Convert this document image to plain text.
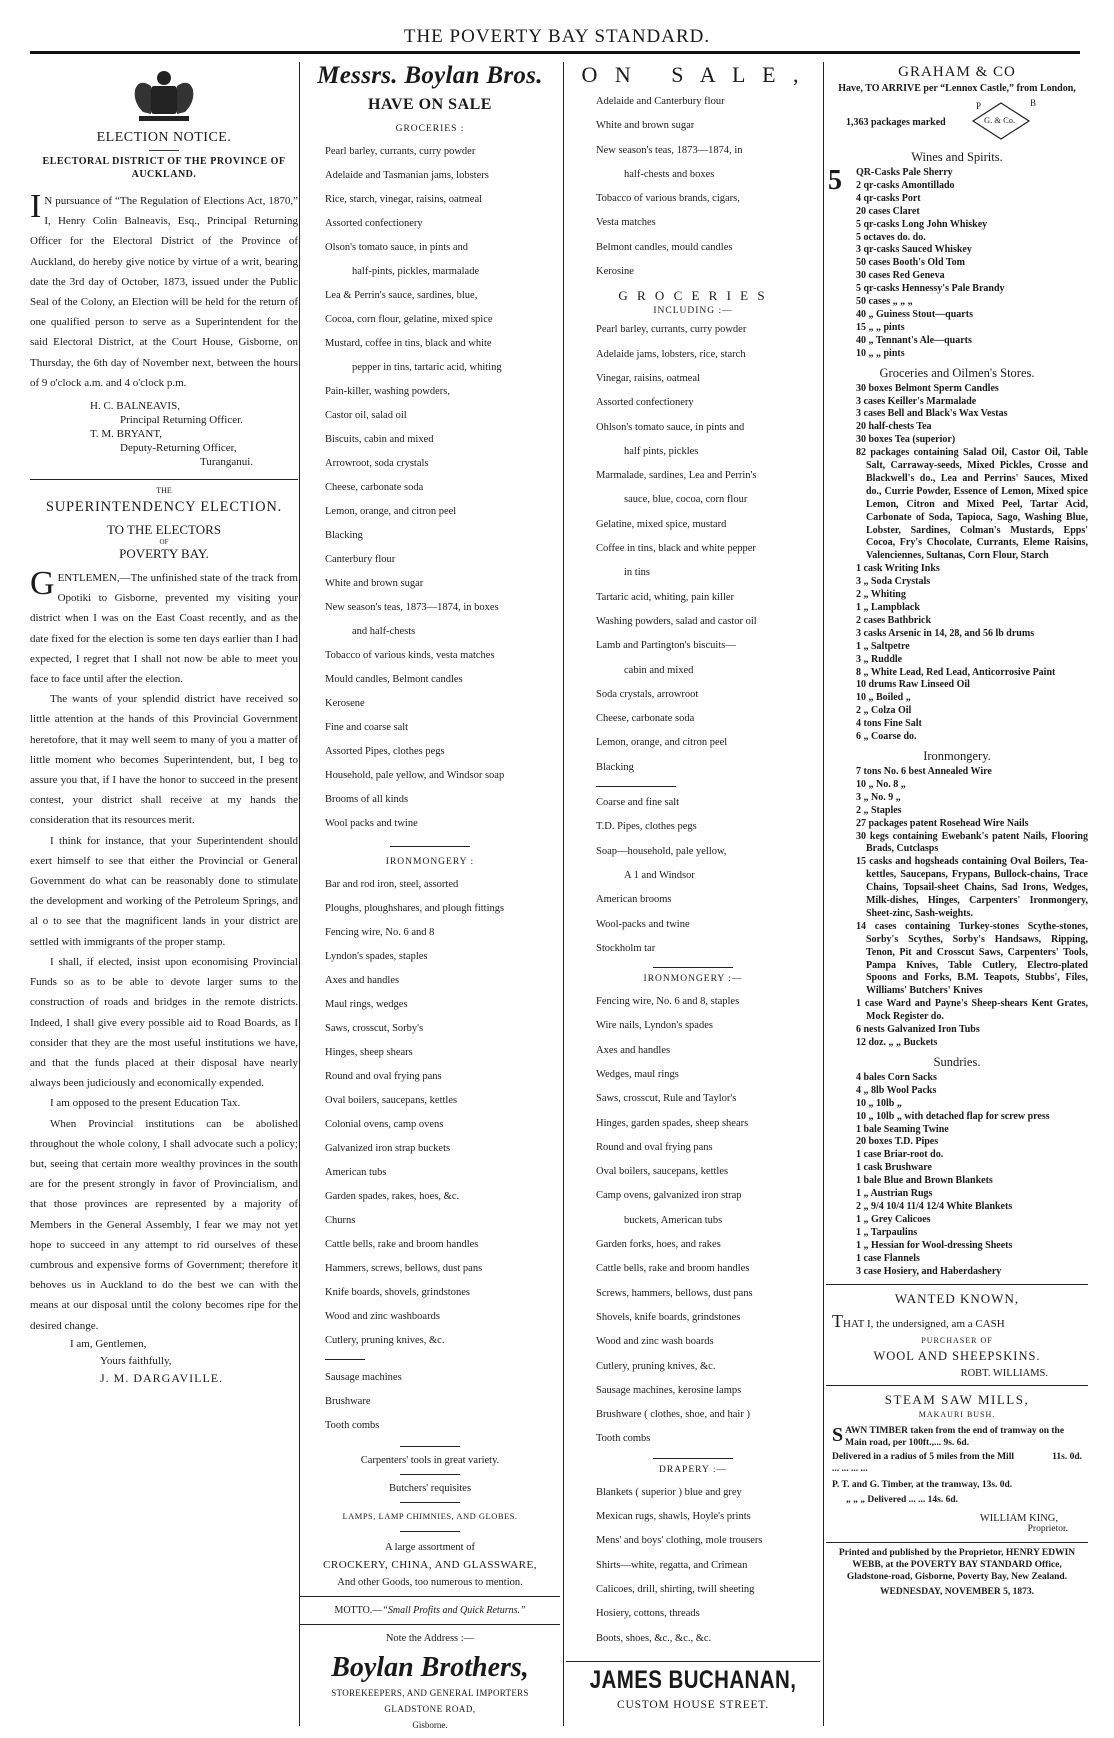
THE POVERTY BAY STANDARD.
ELECTION NOTICE.
ELECTORAL DISTRICT OF THE PROVINCE OF AUCKLAND.
I N pursuance of “The Regulation of Elections Act, 1870,” I, Henry Colin Balneavis, Esq., Principal Returning Officer for the Electoral District of the Province of Auckland, do hereby give notice by virtue of a writ, bearing date the 3rd day of October, 1873, issued under the Public Seal of the Colony, an Election will be held for the return of one qualified person to serve as a Superintendent for the said Electoral District, at the Court House, Gisborne, on Thursday, the 6th day of November next, between the hours of 9 o'clock a.m. and 4 o'clock p.m.
H. C. BALNEAVIS,
Principal Returning Officer.
T. M. BRYANT,
Deputy-Returning Officer,
Turanganui.
THE
SUPERINTENDENCY ELECTION.
TO THE ELECTORS
OF
POVERTY BAY.
GENTLEMEN,—The unfinished state of the track from Opotiki to Gisborne, prevented my visiting your district when I was on the East Coast recently, and as the date fixed for the election is some ten days earlier than I had expected, I regret that I shall not now be able to meet you face to face until after the election.
The wants of your splendid district have received so little attention at the hands of this Provincial Government heretofore, that it may well seem to many of you a matter of little moment who becomes Superintendent, but, I beg to assure you that, if I have the honor to succeed in the present contest, your district shall receive at my hands the consideration that its resources merit.
I think for instance, that your Superintendent should exert himself to see that either the Provincial or General Government do what can be reasonably done to stimulate the development and working of the Petroleum Springs, and al o to see that the magnificent lands in your district are settled with immigrants of the proper stamp.
I shall, if elected, insist upon economising Provincial Funds so as to be able to devote larger sums to the construction of roads and bridges in the remote districts. Indeed, I shall give every possible aid to Road Boards, as I consider that they are the most useful institutions we have, and that the funds placed at their disposal have nearly always been judiciously and economically expended.
I am opposed to the present Education Tax.
When Provincial institutions can be abolished throughout the whole colony, I shall advocate such a policy; but, seeing that certain more wealthy provinces in the south are for the present strongly in favor of Provincialism, and that those provinces are represented by a majority of Members in the General Assembly, I fear we may not yet hope to succeed in any attempt to rid ourselves of these cumbrous and expensive forms of Government; therefore it behoves us in Auckland to do the best we can with the means at our disposal until the colony becomes ripe for the desired change.
I am, Gentlemen,
Yours faithfully,
J. M. DARGAVILLE.
Messrs. Boylan Bros.
HAVE ON SALE
GROCERIES :
Pearl barley, currants, curry powder
Adelaide and Tasmanian jams, lobsters
Rice, starch, vinegar, raisins, oatmeal
Assorted confectionery
Olson's tomato sauce, in pints and
half-pints, pickles, marmalade
Lea & Perrin's sauce, sardines, blue,
Cocoa, corn flour, gelatine, mixed spice
Mustard, coffee in tins, black and white
pepper in tins, tartaric acid, whiting
Pain-killer, washing powders,
Castor oil, salad oil
Biscuits, cabin and mixed
Arrowroot, soda crystals
Cheese, carbonate soda
Lemon, orange, and citron peel
Blacking
Canterbury flour
White and brown sugar
New season's teas, 1873—1874, in boxes
and half-chests
Tobacco of various kinds, vesta matches
Mould candles, Belmont candles
Kerosene
Fine and coarse salt
Assorted Pipes, clothes pegs
Household, pale yellow, and Windsor soap
Brooms of all kinds
Wool packs and twine
IRONMONGERY :
Bar and rod iron, steel, assorted
Ploughs, ploughshares, and plough fittings
Fencing wire, No. 6 and 8
Lyndon's spades, staples
Axes and handles
Maul rings, wedges
Saws, crosscut, Sorby's
Hinges, sheep shears
Round and oval frying pans
Oval boilers, saucepans, kettles
Colonial ovens, camp ovens
Galvanized iron strap buckets
American tubs
Garden spades, rakes, hoes, &c.
Churns
Cattle bells, rake and broom handles
Hammers, screws, bellows, dust pans
Knife boards, shovels, grindstones
Wood and zinc washboards
Cutlery, pruning knives, &c.
Sausage machines
Brushware
Tooth combs
Carpenters' tools in great variety.
Butchers' requisites
LAMPS, LAMP CHIMNIES, AND GLOBES.
A large assortment of
CROCKERY, CHINA, AND GLASSWARE,
And other Goods, too numerous to mention.
MOTTO.—“Small Profits and Quick Returns.”
Note the Address :—
Boylan Brothers,
STOREKEEPERS, AND GENERAL IMPORTERS
GLADSTONE ROAD,
Gisborne.
O N   S A L E ,
Adelaide and Canterbury flour
White and brown sugar
New season's teas, 1873—1874, in
half-chests and boxes
Tobacco of various brands, cigars,
Vesta matches
Belmont candles, mould candles
Kerosine
G R O C E R I E S
INCLUDING :—
Pearl barley, currants, curry powder
Adelaide jams, lobsters, rice, starch
Vinegar, raisins, oatmeal
Assorted confectionery
Ohlson's tomato sauce, in pints and
half pints, pickles
Marmalade, sardines, Lea and Perrin's
sauce, blue, cocoa, corn flour
Gelatine, mixed spice, mustard
Coffee in tins, black and white pepper
in tins
Tartaric acid, whiting, pain killer
Washing powders, salad and castor oil
Lamb and Partington's biscuits—
cabin and mixed
Soda crystals, arrowroot
Cheese, carbonate soda
Lemon, orange, and citron peel
Blacking
Coarse and fine salt
T.D. Pipes, clothes pegs
Soap—household, pale yellow,
A 1 and Windsor
American brooms
Wool-packs and twine
Stockholm tar
IRONMONGERY :—
Fencing wire, No. 6 and 8, staples
Wire nails, Lyndon's spades
Axes and handles
Wedges, maul rings
Saws, crosscut, Rule and Taylor's
Hinges, garden spades, sheep shears
Round and oval frying pans
Oval boilers, saucepans, kettles
Camp ovens, galvanized iron strap
buckets, American tubs
Garden forks, hoes, and rakes
Cattle bells, rake and broom handles
Screws, hammers, bellows, dust pans
Shovels, knife boards, grindstones
Wood and zinc wash boards
Cutlery, pruning knives, &c.
Sausage machines, kerosine lamps
Brushware ( clothes, shoe, and hair )
Tooth combs
DRAPERY :—
Blankets ( superior ) blue and grey
Mexican rugs, shawls, Hoyle's prints
Mens' and boys' clothing, mole trousers
Shirts—white, regatta, and Crimean
Calicoes, drill, shirting, twill sheeting
Hosiery, cottons, threads
Boots, shoes, &c., &c., &c.
JAMES BUCHANAN,
CUSTOM HOUSE STREET.
GRAHAM & CO
Have, TO ARRIVE per “Lennox Castle,” from London,
1,363 packages marked	G. & Co.
P	B
Wines and Spirits.
5 QR-Casks Pale Sherry
2 qr-casks Amontillado
4 qr-casks Port
20 cases Claret
5 qr-casks Long John Whiskey
5 octaves do. do.
3 qr-casks Sauced Whiskey
50 cases Booth's Old Tom
30 cases Red Geneva
5 qr-casks Hennessy's Pale Brandy
50 cases „ „ „
40 „ Guiness Stout—quarts
15 „ „ pints
40 „ Tennant's Ale—quarts
10 „ „ pints
Groceries and Oilmen's Stores.
30 boxes Belmont Sperm Candles
3 cases Keiller's Marmalade
3 cases Bell and Black's Wax Vestas
20 half-chests Tea
30 boxes Tea (superior)
82 packages containing Salad Oil, Castor Oil, Table Salt, Carraway-seeds, Mixed Pickles, Crosse and Blackwell's do., Lea and Perrins' Sauces, Mixed do., Currie Powder, Essence of Lemon, Mixed spice Lemon, Citron and Mixed Peel, Tartar Acid, Carbonate of Soda, Tapioca, Sago, Washing Blue, Lobster, Sardines, Colman's Mustards, Epps' Cocoa, Fry's Chocolate, Currants, Eleme Raisins, Valenciennes, Sultanas, Corn Flour, Starch
1 cask Writing Inks
3 „ Soda Crystals
2 „ Whiting
1 „ Lampblack
2 cases Bathbrick
3 casks Arsenic in 14, 28, and 56 lb drums
1 „ Saltpetre
3 „ Ruddle
8 „ White Lead, Red Lead, Anticorrosive Paint
10 drums Raw Linseed Oil
10 „ Boiled „
2 „ Colza Oil
4 tons Fine Salt
6 „ Coarse do.
Ironmongery.
7 tons No. 6 best Annealed Wire
10 „ No. 8 „
3 „ No. 9 „
2 „ Staples
27 packages patent Rosehead Wire Nails
30 kegs containing Ewebank's patent Nails, Flooring Brads, Cutclasps
15 casks and hogsheads containing Oval Boilers, Tea-kettles, Saucepans, Frypans, Bullock-chains, Trace Chains, Topsail-sheet Chains, Sad Irons, Wedges, Milk-dishes, Hinges, Carpenters' Ironmongery, Sheet-zinc, Sash-weights.
14 cases containing Turkey-stones Scythe-stones, Sorby's Scythes, Sorby's Handsaws, Ripping, Tenon, Pit and Crosscut Saws, Carpenters' Tools, Pampa Knives, Table Cutlery, Electro-plated Spoons and Forks, B.M. Teapots, Stubbs', Files, Williams' Butchers' Knives
1 case Ward and Payne's Sheep-shears Kent Grates, Mock Register do.
6 nests Galvanized Iron Tubs
12 doz. „ „ Buckets
Sundries.
4 bales Corn Sacks
4 „ 8lb Wool Packs
10 „ 10lb „
10 „ 10lb „ with detached flap for screw press
1 bale Seaming Twine
20 boxes T.D. Pipes
1 case Briar-root do.
1 cask Brushware
1 bale Blue and Brown Blankets
1 „ Austrian Rugs
2 „ 9/4 10/4 11/4 12/4 White Blankets
1 „ Grey Calicoes
1 „ Tarpaulins
1 „ Hessian for Wool-dressing Sheets
1 case Flannels
3 case Hosiery, and Haberdashery
WANTED KNOWN,
THAT I, the undersigned, am a CASH
PURCHASER OF
WOOL AND SHEEPSKINS.
ROBT. WILLIAMS.
STEAM SAW MILLS,
MAKAURI BUSH.
SAWN TIMBER taken from the end of tramway on the Main road, per 100ft.,... 9s. 6d.
Delivered in a radius of 5 miles from the Mill ... ... ... ...
11s. 0d.
P. T. and G. Timber, at the tramway, 13s. 0d.
„ „ „ Delivered ... ... 14s. 6d.
WILLIAM KING,
Proprietor.
Printed and published by the Proprietor, HENRY EDWIN WEBB, at the POVERTY BAY STANDARD Office, Gladstone-road, Gisborne, Poverty Bay, New Zealand.
WEDNESDAY, NOVEMBER 5, 1873.
